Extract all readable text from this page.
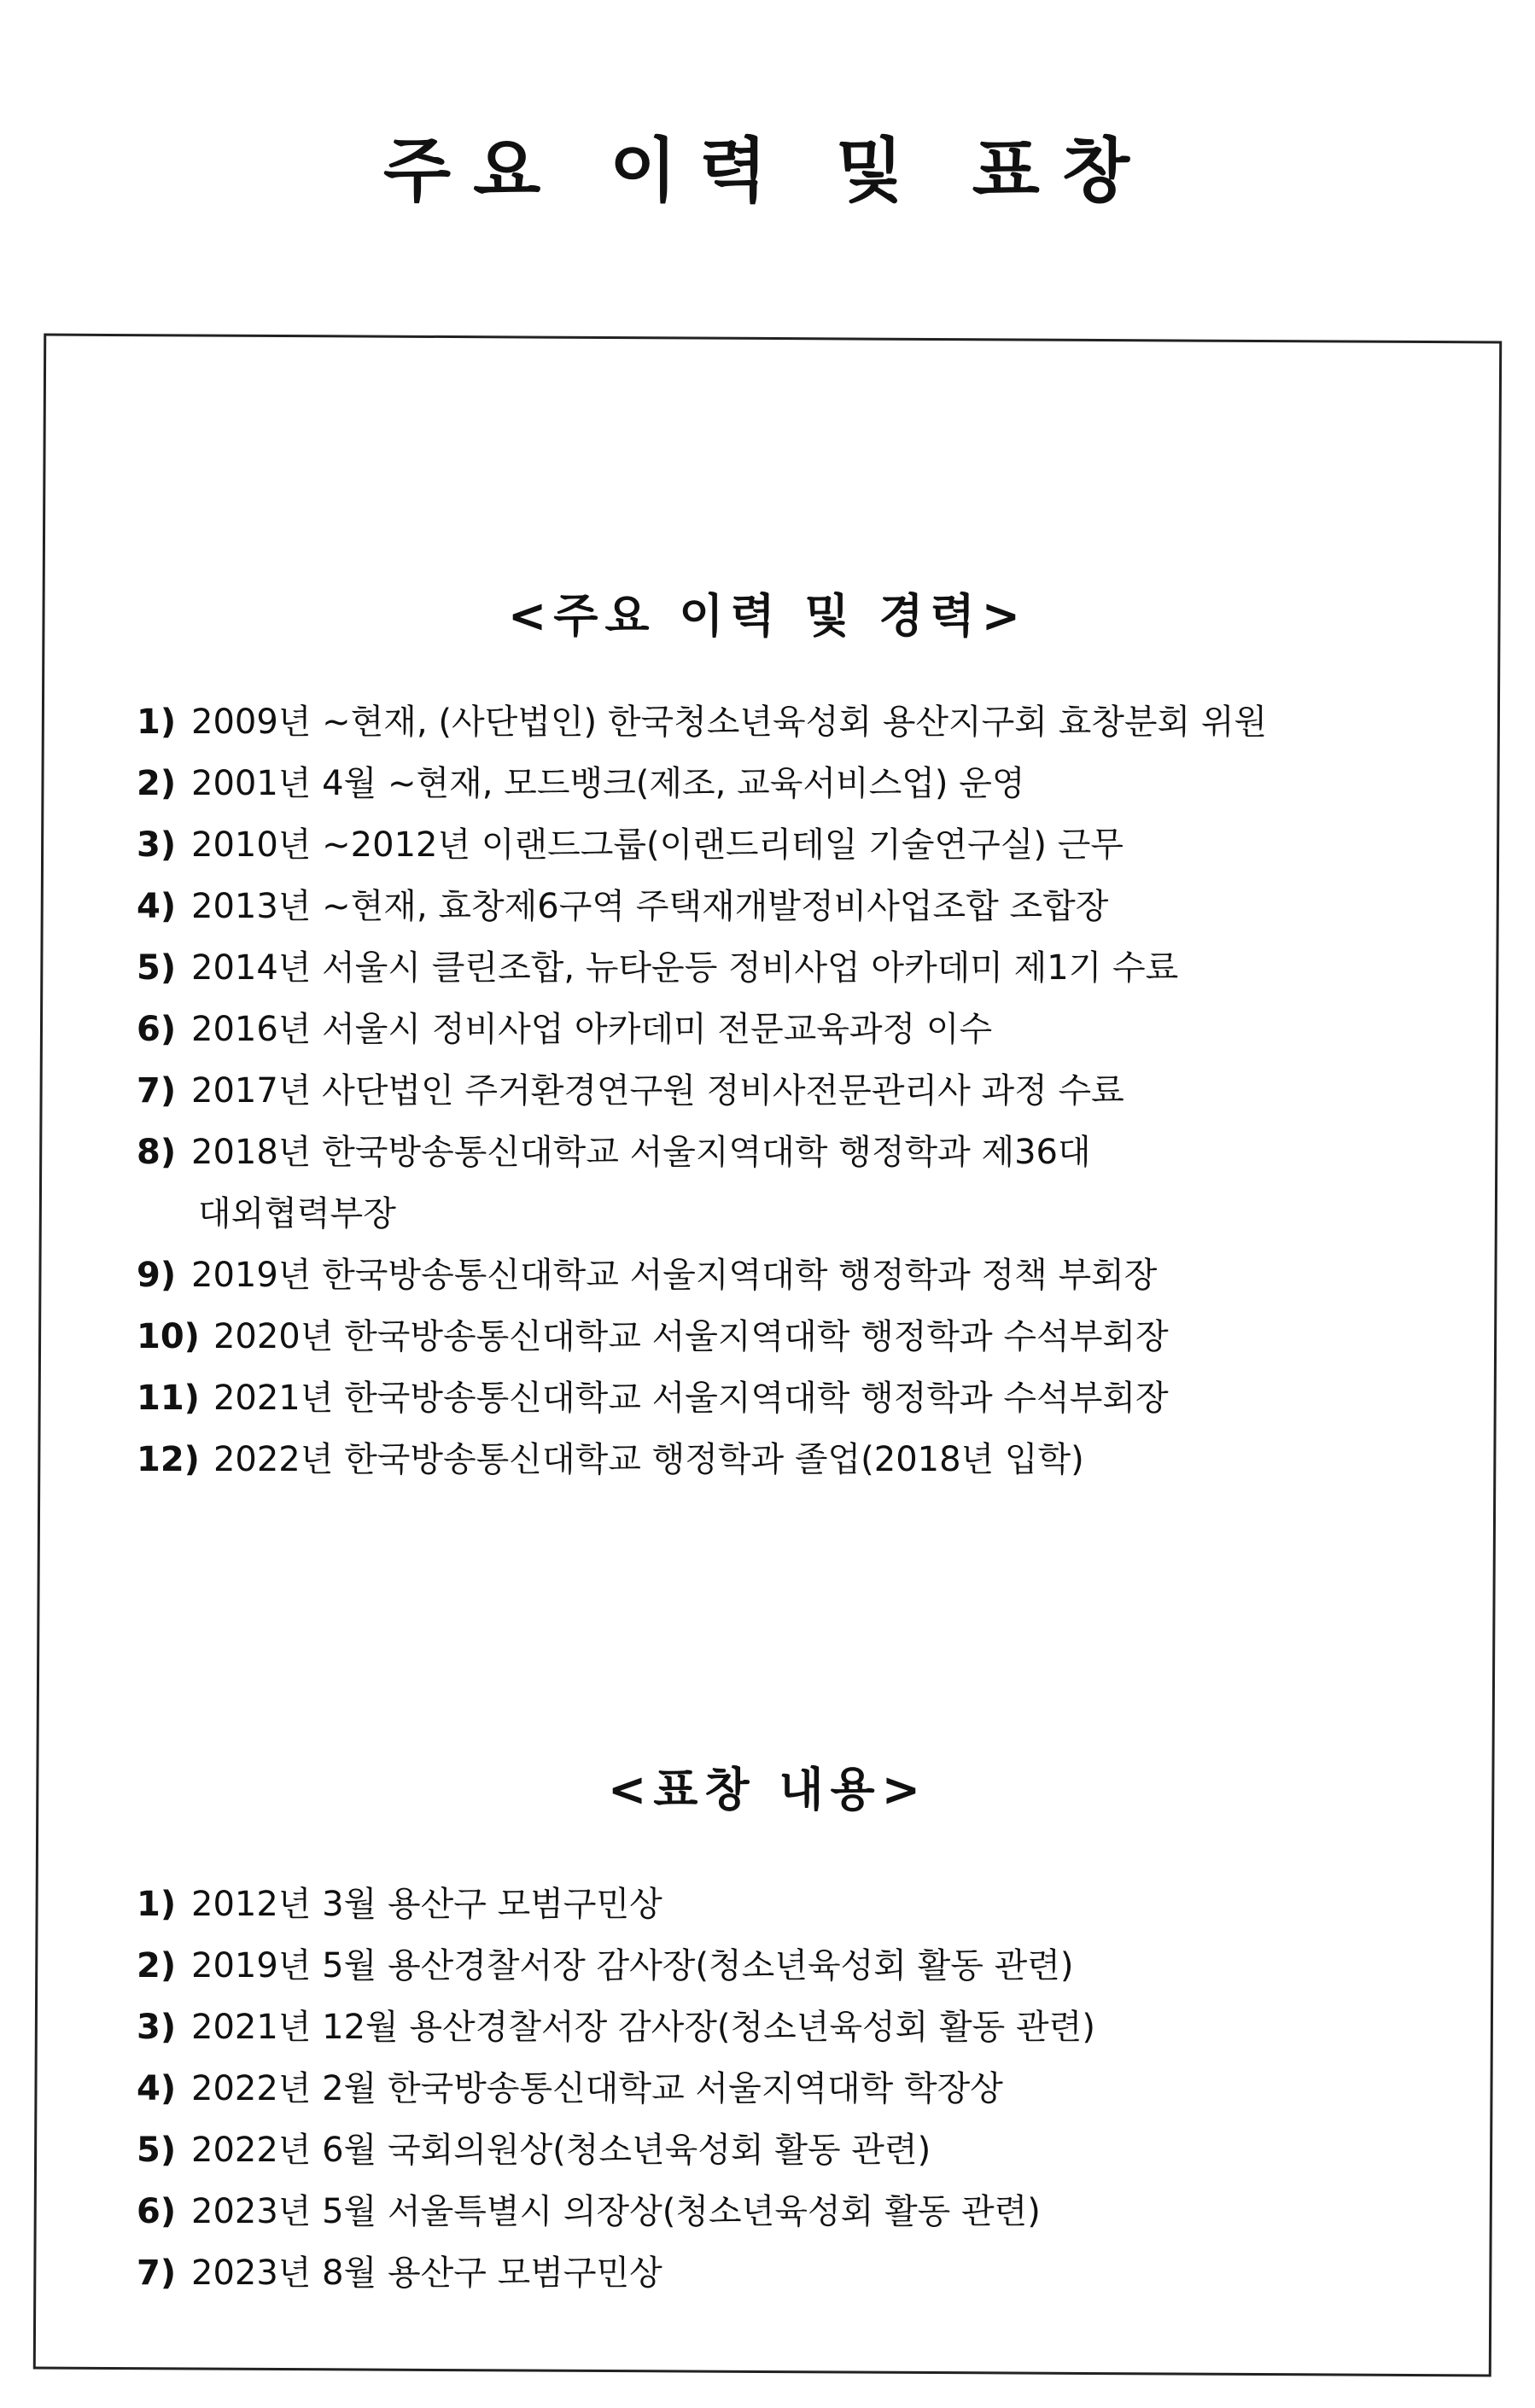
주요 이력 및 표창
<주요 이력 및 경력>
1) 2009년 ~현재, (사단법인) 한국청소년육성회 용산지구회 효창분회 위원
2) 2001년 4월 ~현재, 모드뱅크(제조, 교육서비스업) 운영
3) 2010년 ~2012년 이랜드그룹(이랜드리테일 기술연구실) 근무
4) 2013년 ~현재, 효창제6구역 주택재개발정비사업조합 조합장
5) 2014년 서울시 클린조합, 뉴타운등 정비사업 아카데미 제1기 수료
6) 2016년 서울시 정비사업 아카데미 전문교육과정 이수
7) 2017년 사단법인 주거환경연구원 정비사전문관리사 과정 수료
8) 2018년 한국방송통신대학교 서울지역대학 행정학과 제36대
대외협력부장
9) 2019년 한국방송통신대학교 서울지역대학 행정학과 정책 부회장
10) 2020년 한국방송통신대학교 서울지역대학 행정학과 수석부회장
11) 2021년 한국방송통신대학교 서울지역대학 행정학과 수석부회장
12) 2022년 한국방송통신대학교 행정학과 졸업(2018년 입학)
<표창 내용>
1) 2012년 3월 용산구 모범구민상
2) 2019년 5월 용산경찰서장 감사장(청소년육성회 활동 관련)
3) 2021년 12월 용산경찰서장 감사장(청소년육성회 활동 관련)
4) 2022년 2월 한국방송통신대학교 서울지역대학 학장상
5) 2022년 6월 국회의원상(청소년육성회 활동 관련)
6) 2023년 5월 서울특별시 의장상(청소년육성회 활동 관련)
7) 2023년 8월 용산구 모범구민상
